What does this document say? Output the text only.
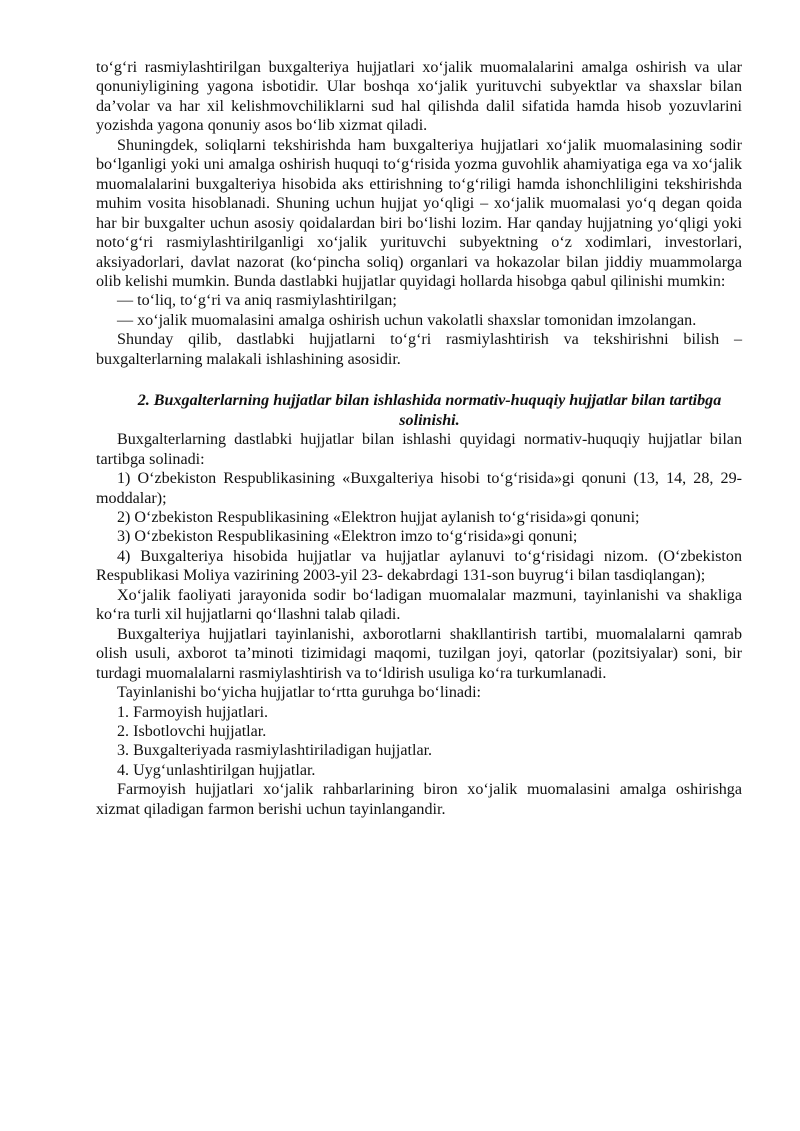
to‘g‘ri rasmiylashtirilgan buxgalteriya hujjatlari xo‘jalik muomalalarini amalga oshirish va ular qonuniyligining yagona isbotidir. Ular boshqa xo‘jalik yurituvchi subyektlar va shaxslar bilan da’volar va har xil kelishmovchiliklarni sud hal qilishda dalil sifatida hamda hisob yozuvlarini yozishda yagona qonuniy asos bo‘lib xizmat qiladi.

Shuningdek, soliqlarni tekshirishda ham buxgalteriya hujjatlari xo‘jalik muomalasining sodir bo‘lganligi yoki uni amalga oshirish huquqi to‘g‘risida yozma guvohlik ahamiyatiga ega va xo‘jalik muomalalarini buxgalteriya hisobida aks ettirishning to‘g‘riligi hamda ishonchliligini tekshirishda muhim vosita hisoblanadi. Shuning uchun hujjat yo‘qligi – xo‘jalik muomalasi yo‘q degan qoida har bir buxgalter uchun asosiy qoidalardan biri bo‘lishi lozim. Har qanday hujjatning yo‘qligi yoki noto‘g‘ri rasmiylashtirilganligi xo‘jalik yurituvchi subyektning o‘z xodimlari, investorlari, aksiyadorlari, davlat nazorat (ko‘pincha soliq) organlari va hokazolar bilan jiddiy muammolarga olib kelishi mumkin. Bunda dastlabki hujjatlar quyidagi hollarda hisobga qabul qilinishi mumkin:

— to‘liq, to‘g‘ri va aniq rasmiylashtirilgan;

— xo‘jalik muomalasini amalga oshirish uchun vakolatli shaxslar tomonidan imzolangan.

Shunday qilib, dastlabki hujjatlarni to‘g‘ri rasmiylashtirish va tekshirishni bilish – buxgalterlarning malakali ishlashining asosidir.

2. Buxgalterlarning hujjatlar bilan ishlashida normativ-huquqiy hujjatlar bilan tartibga solinishi.

Buxgalterlarning dastlabki hujjatlar bilan ishlashi quyidagi normativ-huquqiy hujjatlar bilan tartibga solinadi:

1) O‘zbekiston Respublikasining «Buxgalteriya hisobi to‘g‘risida»gi qonuni (13, 14, 28, 29-moddalar);

2) O‘zbekiston Respublikasining «Elektron hujjat aylanish to‘g‘risida»gi qonuni;

3) O‘zbekiston Respublikasining «Elektron imzo to‘g‘risida»gi qonuni;

4) Buxgalteriya hisobida hujjatlar va hujjatlar aylanuvi to‘g‘risidagi nizom. (O‘zbekiston Respublikasi Moliya vazirining 2003-yil 23- dekabrdagi 131-son buyrug‘i bilan tasdiqlangan);

Xo‘jalik faoliyati jarayonida sodir bo‘ladigan muomalalar mazmuni, tayinlanishi va shakliga ko‘ra turli xil hujjatlarni qo‘llashni talab qiladi.

Buxgalteriya hujjatlari tayinlanishi, axborotlarni shakllantirish tartibi, muomalalarni qamrab olish usuli, axborot ta’minoti tizimidagi maqomi, tuzilgan joyi, qatorlar (pozitsiyalar) soni, bir turdagi muomalalarni rasmiylashtirish va to‘ldirish usuliga ko‘ra turkumlanadi.

Tayinlanishi bo‘yicha hujjatlar to‘rtta guruhga bo‘linadi:

1. Farmoyish hujjatlari.

2. Isbotlovchi hujjatlar.

3. Buxgalteriyada rasmiylashtiriladigan hujjatlar.

4. Uyg‘unlashtirilgan hujjatlar.

Farmoyish hujjatlari xo‘jalik rahbarlarining biron xo‘jalik muomalasini amalga oshirishga xizmat qiladigan farmon berishi uchun tayinlangandir.
